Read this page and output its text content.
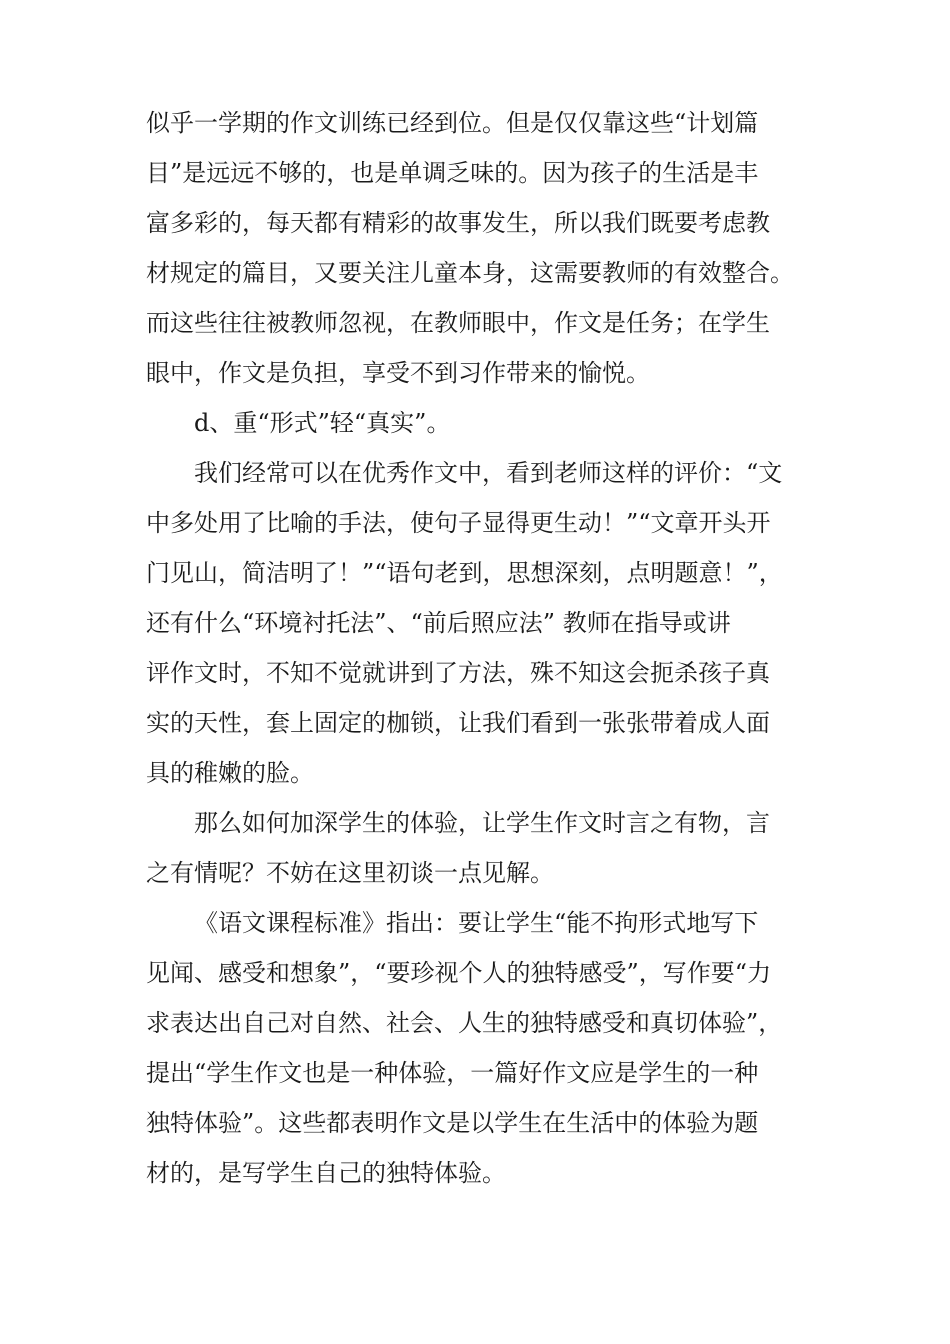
似乎一学期的作文训练已经到位。但是仅仅靠这些“计划篇
目”是远远不够的，也是单调乏味的。因为孩子的生活是丰
富多彩的，每天都有精彩的故事发生，所以我们既要考虑教
材规定的篇目，又要关注儿童本身，这需要教师的有效整合。
而这些往往被教师忽视，在教师眼中，作文是任务；在学生
眼中，作文是负担，享受不到习作带来的愉悦。
d、重“形式”轻“真实”。
我们经常可以在优秀作文中，看到老师这样的评价：“文
中多处用了比喻的手法，使句子显得更生动！”“文章开头开
门见山，简洁明了！”“语句老到，思想深刻，点明题意！”，
还有什么“环境衬托法”、“前后照应法” 教师在指导或讲
评作文时，不知不觉就讲到了方法，殊不知这会扼杀孩子真
实的天性，套上固定的枷锁，让我们看到一张张带着成人面
具的稚嫩的脸。
那么如何加深学生的体验，让学生作文时言之有物，言
之有情呢？不妨在这里初谈一点见解。
《语文课程标准》指出：要让学生“能不拘形式地写下
见闻、感受和想象”，“要珍视个人的独特感受”，写作要“力
求表达出自己对自然、社会、人生的独特感受和真切体验”，
提出“学生作文也是一种体验，一篇好作文应是学生的一种
独特体验”。这些都表明作文是以学生在生活中的体验为题
材的，是写学生自己的独特体验。
